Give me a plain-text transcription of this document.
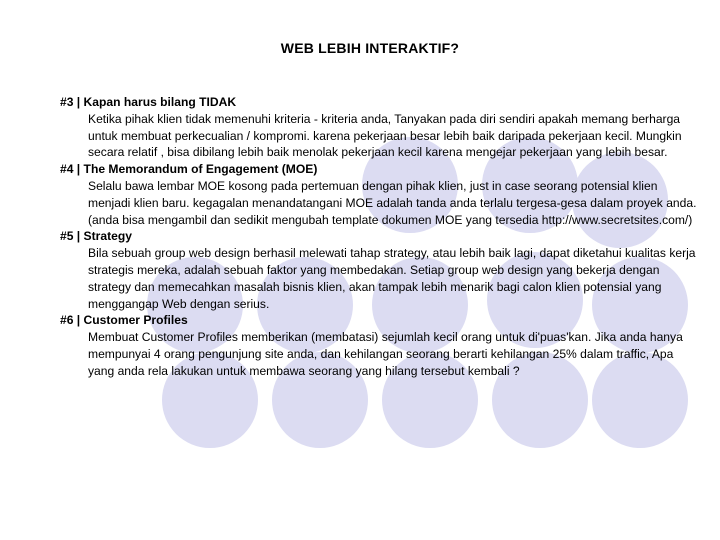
WEB LEBIH INTERAKTIF?
#3 | Kapan harus bilang TIDAK
Ketika pihak klien tidak memenuhi kriteria - kriteria anda, Tanyakan pada diri sendiri apakah memang berharga untuk membuat perkecualian / kompromi. karena pekerjaan besar lebih baik daripada pekerjaan kecil. Mungkin secara relatif , bisa dibilang lebih baik menolak pekerjaan kecil karena mengejar pekerjaan yang lebih besar.
#4 | The Memorandum of Engagement (MOE)
Selalu bawa lembar MOE kosong pada pertemuan dengan pihak klien, just in case seorang potensial klien menjadi klien baru. kegagalan menandatangani MOE adalah tanda anda terlalu tergesa-gesa dalam proyek anda. (anda bisa mengambil dan sedikit mengubah template dokumen MOE yang tersedia http://www.secretsites.com/)
#5 | Strategy
Bila sebuah group web design berhasil melewati tahap strategy, atau lebih baik lagi, dapat diketahui kualitas kerja strategis mereka, adalah sebuah faktor yang membedakan. Setiap group web design yang bekerja dengan strategy dan memecahkan masalah bisnis klien, akan tampak lebih menarik bagi calon klien potensial yang menggangap Web dengan serius.
#6 | Customer Profiles
Membuat Customer Profiles memberikan (membatasi) sejumlah kecil orang untuk di'puas'kan. Jika anda hanya mempunyai 4 orang pengunjung site anda, dan kehilangan seorang berarti kehilangan 25% dalam traffic, Apa yang anda rela lakukan untuk membawa seorang yang hilang tersebut kembali ?
